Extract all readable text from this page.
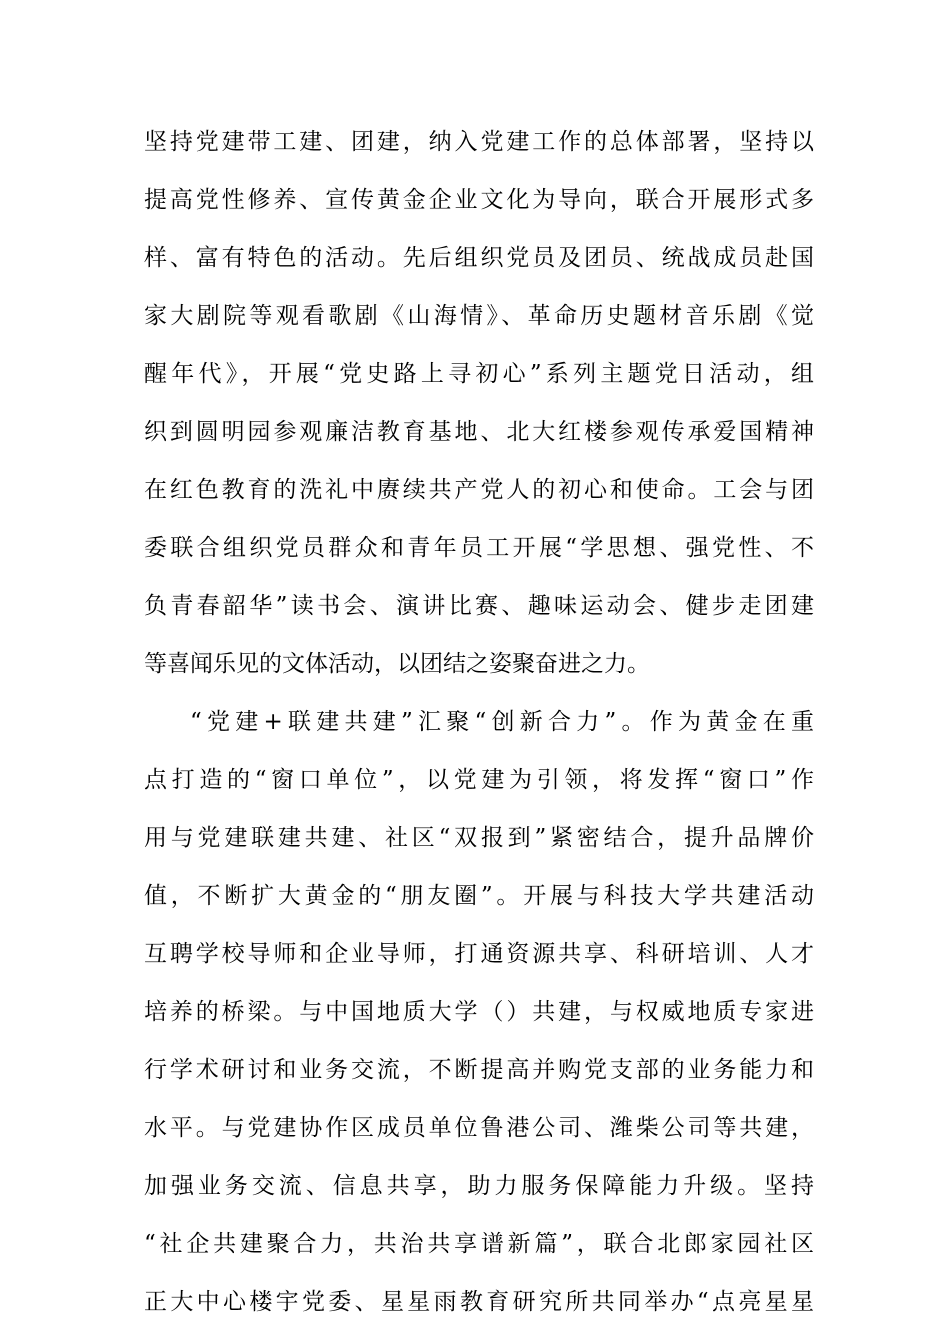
坚持党建带工建、团建，纳入党建工作的总体部署，坚持以
提高党性修养、宣传黄金企业文化为导向，联合开展形式多
样、富有特色的活动。先后组织党员及团员、统战成员赴国
家大剧院等观看歌剧《山海情》、革命历史题材音乐剧《觉
醒年代》，开展“党史路上寻初心”系列主题党日活动，组
织到圆明园参观廉洁教育基地、北大红楼参观传承爱国精神
在红色教育的洗礼中赓续共产党人的初心和使命。工会与团
委联合组织党员群众和青年员工开展“学思想、强党性、不
负青春韶华”读书会、演讲比赛、趣味运动会、健步走团建
等喜闻乐见的文体活动，以团结之姿聚奋进之力。
“党建+联建共建”汇聚“创新合力”。作为黄金在重
点打造的“窗口单位”，以党建为引领，将发挥“窗口”作
用与党建联建共建、社区“双报到”紧密结合，提升品牌价
值，不断扩大黄金的“朋友圈”。开展与科技大学共建活动
互聘学校导师和企业导师，打通资源共享、科研培训、人才
培养的桥梁。与中国地质大学（）共建，与权威地质专家进
行学术研讨和业务交流，不断提高并购党支部的业务能力和
水平。与党建协作区成员单位鲁港公司、潍柴公司等共建，
加强业务交流、信息共享，助力服务保障能力升级。坚持
“社企共建聚合力，共治共享谱新篇”，联合北郎家园社区
正大中心楼宇党委、星星雨教育研究所共同举办“点亮星星
